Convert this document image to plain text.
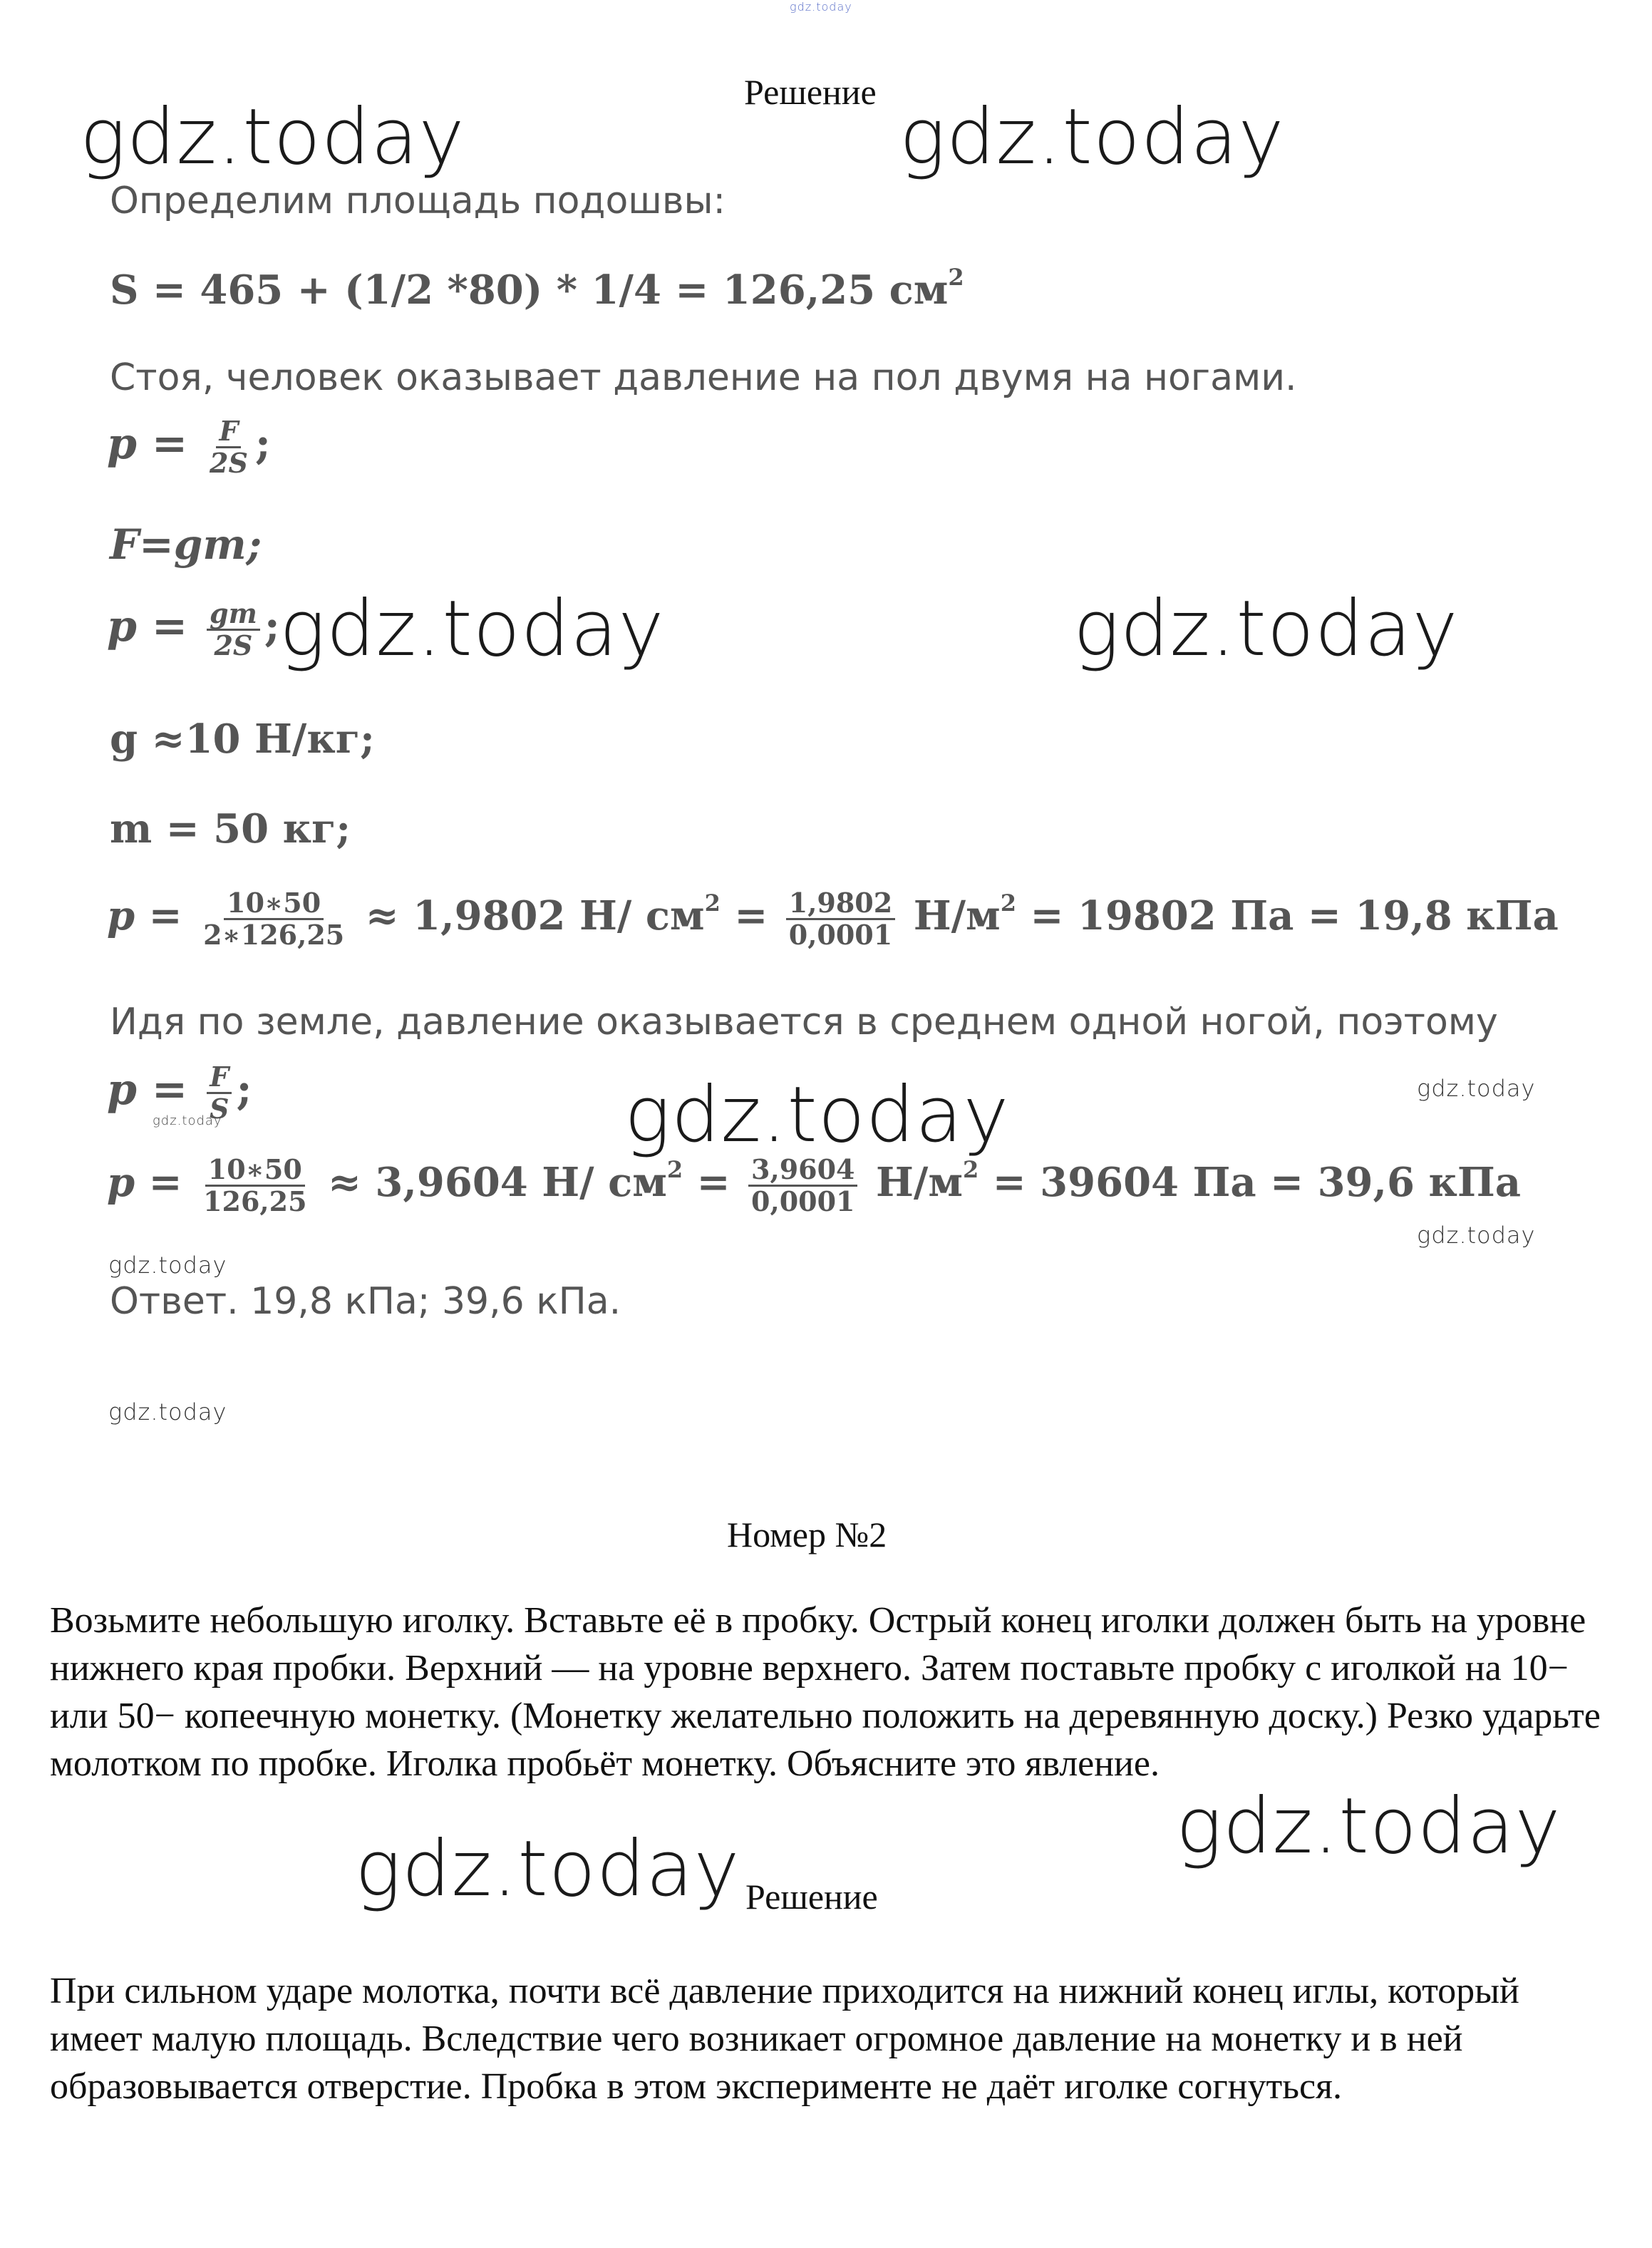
gdz.today
Решение
gdz.today	gdz.today
Определим площадь подошвы:
S = 465 + (1/2 *80) * 1/4 = 126,25 $см^2$
Стоя, человек оказывает давление на пол двумя на ногами.
$p = \frac{F}{2S}$ ;
F=gm;
$p = \frac{gm}{2S}$ ; gdz.today	gdz.today
g ≈10 Н/кг;
m = 50 кг;
$p = \frac{10∗50}{2∗126,25} \approx 1,9802$ Н/ $см^2 = \frac{1,9802}{0,0001} Н/м^2 = 19802$ Па = 19,8 кПа
Идя по земле, давление оказывается в среднем одной ногой, поэтому
$p = \frac{F}{S}$ ;
gdz.today	gdz.today	gdz.today
$p = \frac{10∗50}{126,25} \approx 3,9604$ Н/ $см^2 = \frac{3,9604}{0,0001} Н/м^2 = 39604$ Па = 39,6 кПа
gdz.today
gdz.today
Ответ. 19,8 кПа; 39,6 кПа.
gdz.today
Номер №2
Возьмите небольшую иголку. Вставьте её в пробку. Острый конец иголки должен быть на уровне нижнего края пробки. Верхний — на уровне верхнего. Затем поставьте пробку с иголкой на 10− или 50− копеечную монетку. (Монетку желательно положить на деревянную доску.) Резко ударьте молотком по пробке. Иголка пробьёт монетку. Объясните это явление.
gdz.today
gdz.today Решение
При сильном ударе молотка, почти всё давление приходится на нижний конец иглы, который имеет малую площадь. Вследствие чего возникает огромное давление на монетку и в ней образовывается отверстие. Пробка в этом эксперименте не даёт иголке согнуться.
